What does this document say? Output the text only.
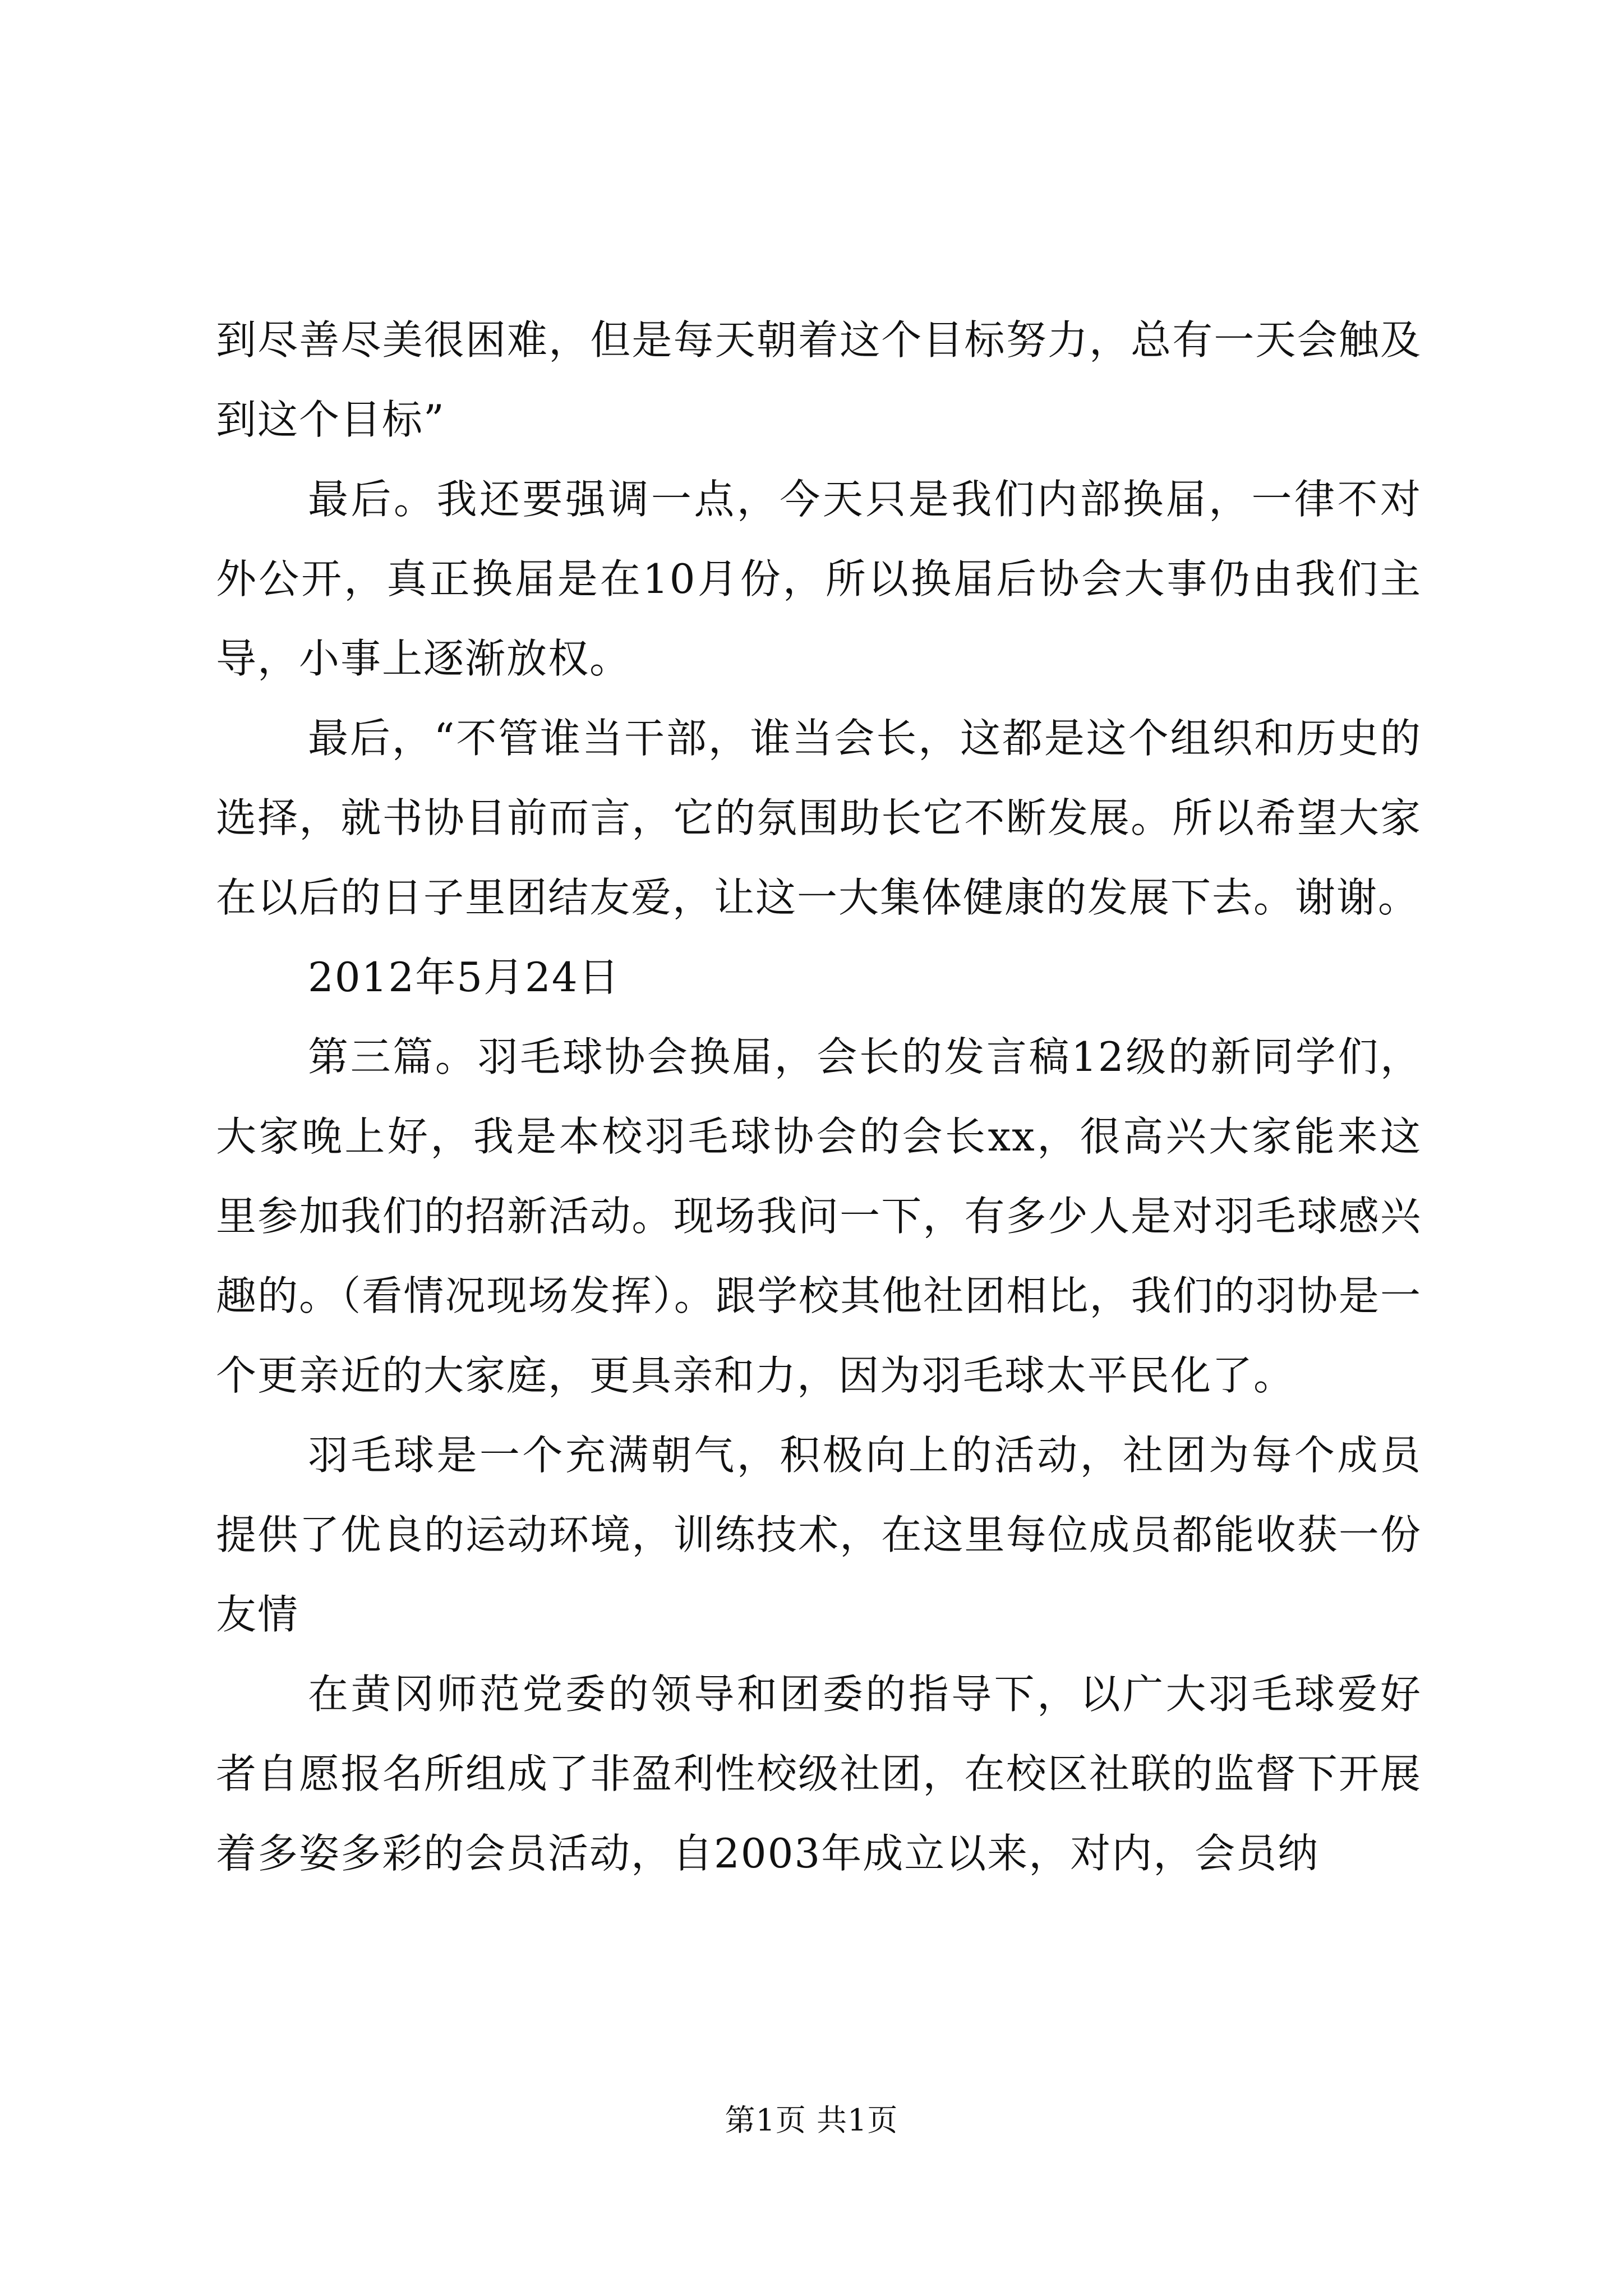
到尽善尽美很困难，但是每天朝着这个目标努力，总有一天会触及到这个目标”

最后。我还要强调一点，今天只是我们内部换届，一律不对外公开，真正换届是在10月份，所以换届后协会大事仍由我们主导，小事上逐渐放权。

最后，“不管谁当干部，谁当会长，这都是这个组织和历史的选择，就书协目前而言，它的氛围助长它不断发展。所以希望大家在以后的日子里团结友爱，让这一大集体健康的发展下去。谢谢。

2012年5月24日

第三篇。羽毛球协会换届，会长的发言稿12级的新同学们，大家晚上好，我是本校羽毛球协会的会长xx，很高兴大家能来这里参加我们的招新活动。现场我问一下，有多少人是对羽毛球感兴趣的。（看情况现场发挥）。跟学校其他社团相比，我们的羽协是一个更亲近的大家庭，更具亲和力，因为羽毛球太平民化了。

羽毛球是一个充满朝气，积极向上的活动，社团为每个成员提供了优良的运动环境，训练技术，在这里每位成员都能收获一份友情

在黄冈师范党委的领导和团委的指导下，以广大羽毛球爱好者自愿报名所组成了非盈利性校级社团，在校区社联的监督下开展着多姿多彩的会员活动，自2003年成立以来，对内，会员纳

第1页 共1页
